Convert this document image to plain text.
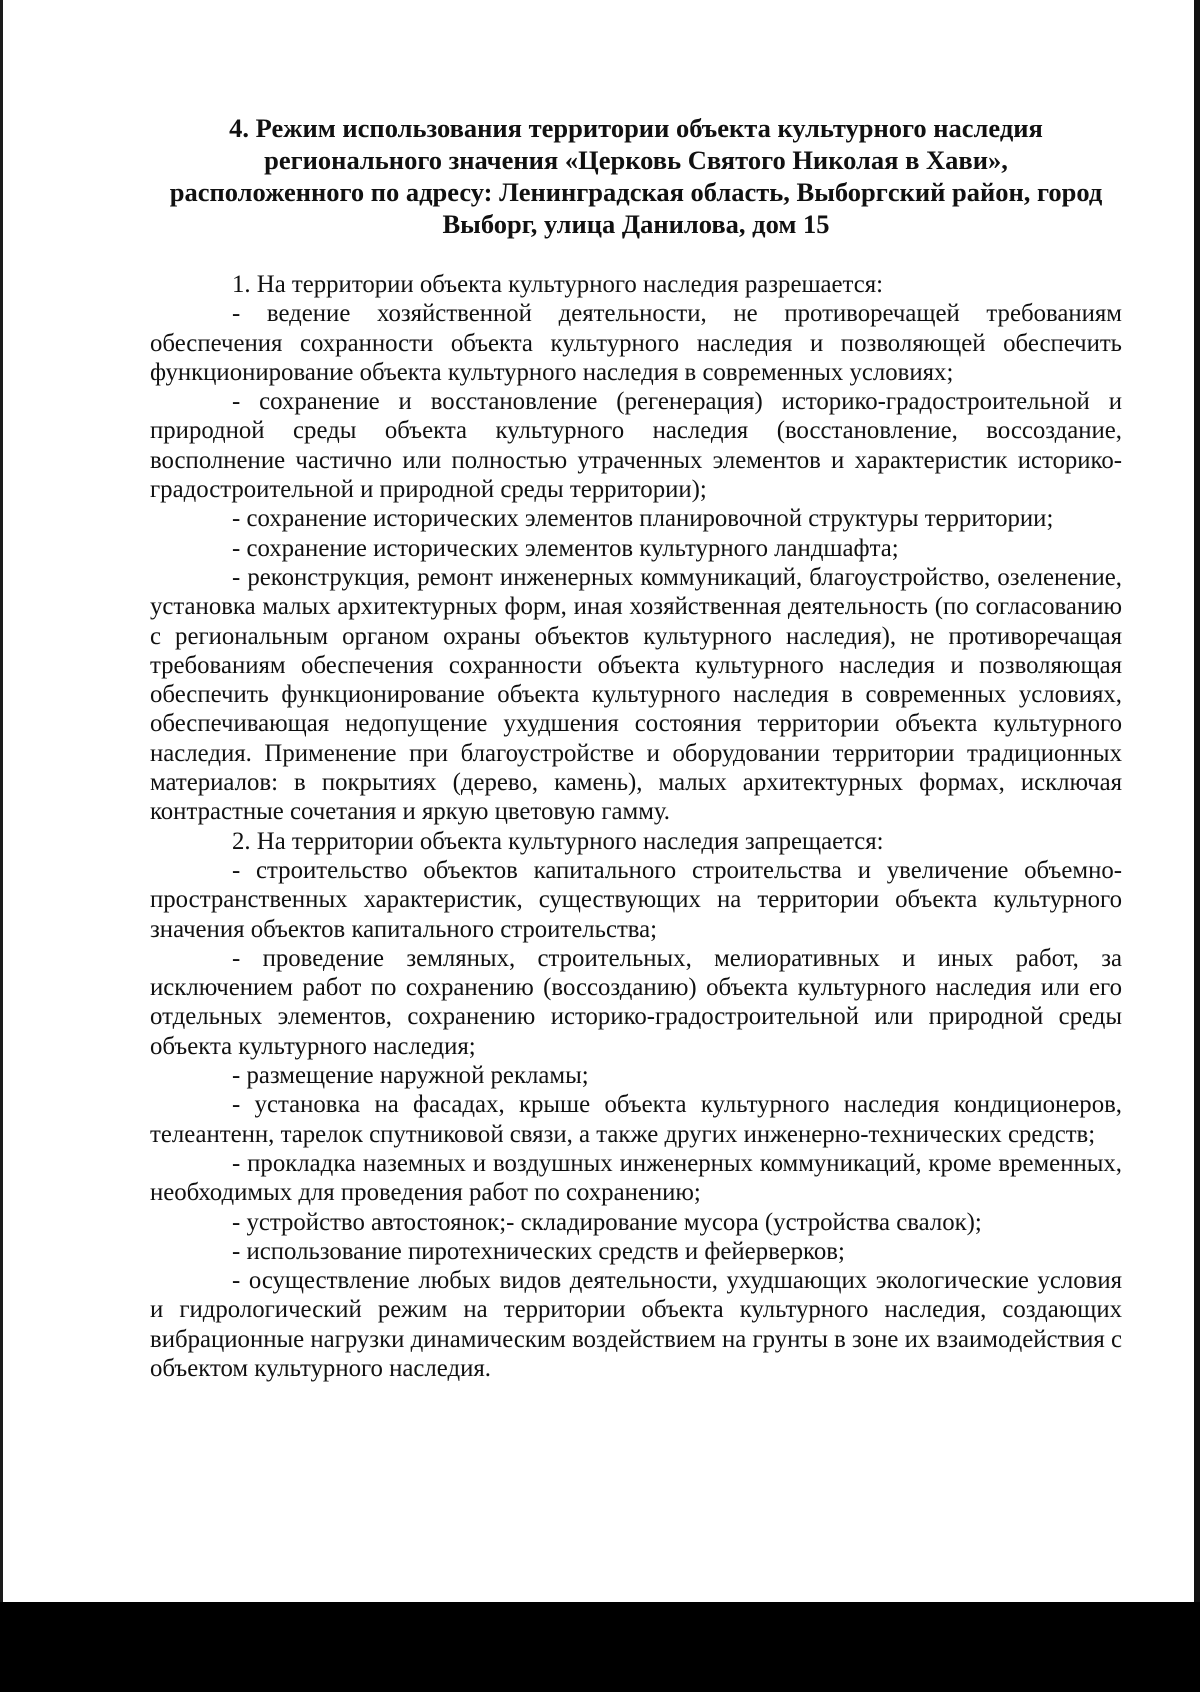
4. Режим использования территории объекта культурного наследия
регионального значения «Церковь Святого Николая в Хави»,
расположенного по адресу: Ленинградская область, Выборгский район, город
Выборг, улица Данилова, дом 15

1. На территории объекта культурного наследия разрешается:

- ведение хозяйственной деятельности, не противоречащей требованиям обеспечения сохранности объекта культурного наследия и позволяющей обеспечить функционирование объекта культурного наследия в современных условиях;

- сохранение и восстановление (регенерация) историко-градостроительной и природной среды объекта культурного наследия (восстановление, воссоздание, восполнение частично или полностью утраченных элементов и характеристик историко-градостроительной и природной среды территории);

- сохранение исторических элементов планировочной структуры территории;

- сохранение исторических элементов культурного ландшафта;

- реконструкция, ремонт инженерных коммуникаций, благоустройство, озеленение, установка малых архитектурных форм, иная хозяйственная деятельность (по согласованию с региональным органом охраны объектов культурного наследия), не противоречащая требованиям обеспечения сохранности объекта культурного наследия и позволяющая обеспечить функционирование объекта культурного наследия в современных условиях, обеспечивающая недопущение ухудшения состояния территории объекта культурного наследия. Применение при благоустройстве и оборудовании территории традиционных материалов: в покрытиях (дерево, камень), малых архитектурных формах, исключая контрастные сочетания и яркую цветовую гамму.

2. На территории объекта культурного наследия запрещается:

- строительство объектов капитального строительства и увеличение объемно-пространственных характеристик, существующих на территории объекта культурного значения объектов капитального строительства;

- проведение земляных, строительных, мелиоративных и иных работ, за исключением работ по сохранению (воссозданию) объекта культурного наследия или его отдельных элементов, сохранению историко-градостроительной или природной среды объекта культурного наследия;

- размещение наружной рекламы;

- установка на фасадах, крыше объекта культурного наследия кондиционеров, телеантенн, тарелок спутниковой связи, а также других инженерно-технических средств;

- прокладка наземных и воздушных инженерных коммуникаций, кроме временных, необходимых для проведения работ по сохранению;

- устройство автостоянок;- складирование мусора (устройства свалок);

- использование пиротехнических средств и фейерверков;

- осуществление любых видов деятельности, ухудшающих экологические условия и гидрологический режим на территории объекта культурного наследия, создающих вибрационные нагрузки динамическим воздействием на грунты в зоне их взаимодействия с объектом культурного наследия.
